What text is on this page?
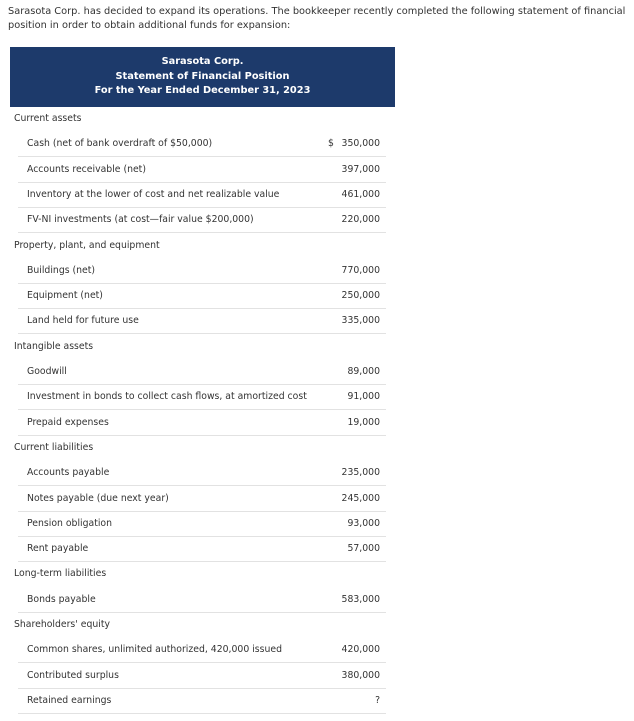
Sarasota Corp. has decided to expand its operations. The bookkeeper recently completed the following statement of financial position in order to obtain additional funds for expansion:
Sarasota Corp.
Statement of Financial Position
For the Year Ended December 31, 2023
Current assets
Cash (net of bank overdraft of $50,000)	$ 350,000
Accounts receivable (net)	397,000
Inventory at the lower of cost and net realizable value	461,000
FV-NI investments (at cost—fair value $200,000)	220,000
Property, plant, and equipment
Buildings (net)	770,000
Equipment (net)	250,000
Land held for future use	335,000
Intangible assets
Goodwill	89,000
Investment in bonds to collect cash flows, at amortized cost	91,000
Prepaid expenses	19,000
Current liabilities
Accounts payable	235,000
Notes payable (due next year)	245,000
Pension obligation	93,000
Rent payable	57,000
Long-term liabilities
Bonds payable	583,000
Shareholders' equity
Common shares, unlimited authorized, 420,000 issued	420,000
Contributed surplus	380,000
Retained earnings	?
